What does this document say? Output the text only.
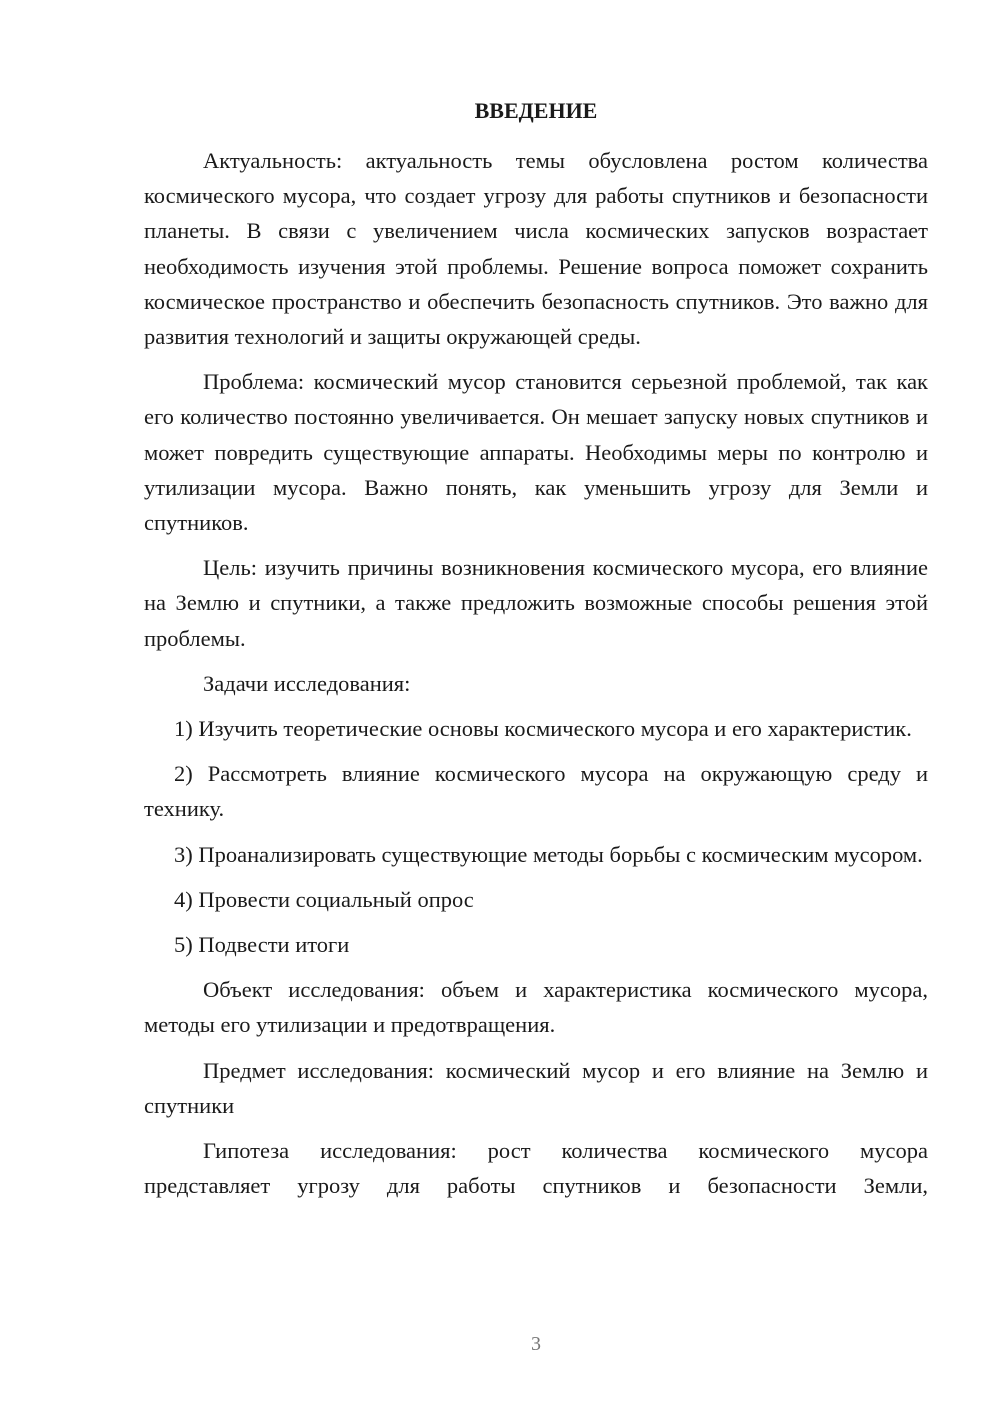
ВВЕДЕНИЕ

Актуальность: актуальность темы обусловлена ростом количества космического мусора, что создает угрозу для работы спутников и безопасности планеты. В связи с увеличением числа космических запусков возрастает необходимость изучения этой проблемы. Решение вопроса поможет сохранить космическое пространство и обеспечить безопасность спутников. Это важно для развития технологий и защиты окружающей среды.

Проблема: космический мусор становится серьезной проблемой, так как его количество постоянно увеличивается. Он мешает запуску новых спутников и может повредить существующие аппараты. Необходимы меры по контролю и утилизации мусора. Важно понять, как уменьшить угрозу для Земли и спутников.

Цель: изучить причины возникновения космического мусора, его влияние на Землю и спутники, а также предложить возможные способы решения этой проблемы.

Задачи исследования:

1) Изучить теоретические основы космического мусора и его характеристик.

2) Рассмотреть влияние космического мусора на окружающую среду и технику.

3) Проанализировать существующие методы борьбы с космическим мусором.

4) Провести социальный опрос

5) Подвести итоги

Объект исследования: объем и характеристика космического мусора, методы его утилизации и предотвращения.

Предмет исследования: космический мусор и его влияние на Землю и спутники

Гипотеза исследования: рост количества космического мусора представляет угрозу для работы спутников и безопасности Земли,

3
